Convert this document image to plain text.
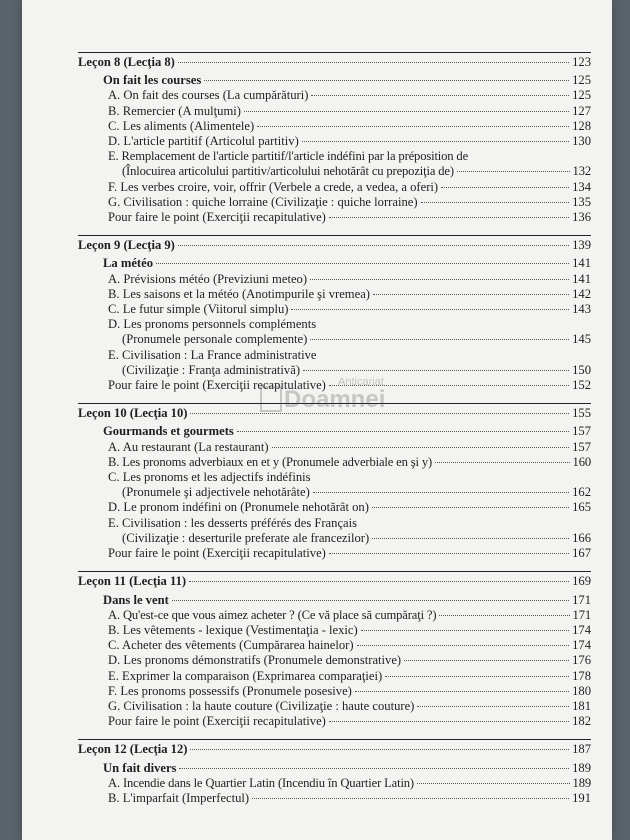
Leçon 8 (Lecţia 8)	123
On fait les courses	125
A. On fait des courses (La cumpărături)	125
B. Remercier (A mulţumi)	127
C. Les aliments (Alimentele)	128
D. L'article partitif (Articolul partitiv)	130
E. Remplacement de l'article partitif/l'article indéfini par la préposition de
(Înlocuirea articolului partitiv/articolului nehotărât cu prepoziţia de)	132
F. Les verbes croire, voir, offrir (Verbele a crede, a vedea, a oferi)	134
G. Civilisation : quiche lorraine (Civilizaţie : quiche lorraine)	135
Pour faire le point (Exerciţii recapitulative)	136
Leçon 9 (Lecţia 9)	139
La météo	141
A. Prévisions météo (Previziuni meteo)	141
B. Les saisons et la météo (Anotimpurile şi vremea)	142
C. Le futur simple (Viitorul simplu)	143
D. Les pronoms personnels compléments
(Pronumele personale complemente)	145
E. Civilisation : La France administrative
(Civilizaţie : Franţa administrativă)	150
Pour faire le point (Exerciţii recapitulative)	152
Leçon 10 (Lecţia 10)	155
Gourmands et gourmets	157
A. Au restaurant (La restaurant)	157
B. Les pronoms adverbiaux en et y (Pronumele adverbiale en şi y)	160
C. Les pronoms et les adjectifs indéfinis
(Pronumele şi adjectivele nehotărâte)	162
D. Le pronom indéfini on (Pronumele nehotărât on)	165
E. Civilisation : les desserts préférés des Français
(Civilizaţie : deserturile preferate ale francezilor)	166
Pour faire le point (Exerciţii recapitulative)	167
Leçon 11 (Lecţia 11)	169
Dans le vent	171
A. Qu'est-ce que vous aimez acheter ? (Ce vă place să cumpăraţi ?)	171
B. Les vêtements - lexique (Vestimentaţia - lexic)	174
C. Acheter des vêtements (Cumpărarea hainelor)	174
D. Les pronoms démonstratifs (Pronumele demonstrative)	176
E. Exprimer la comparaison (Exprimarea comparaţiei)	178
F. Les pronoms possessifs (Pronumele posesive)	180
G. Civilisation : la haute couture (Civilizaţie : haute couture)	181
Pour faire le point (Exerciţii recapitulative)	182
Leçon 12 (Lecţia 12)	187
Un fait divers	189
A. Incendie dans le Quartier Latin (Incendiu în Quartier Latin)	189
B. L'imparfait (Imperfectul)	191
Anticariat
Doamnei
